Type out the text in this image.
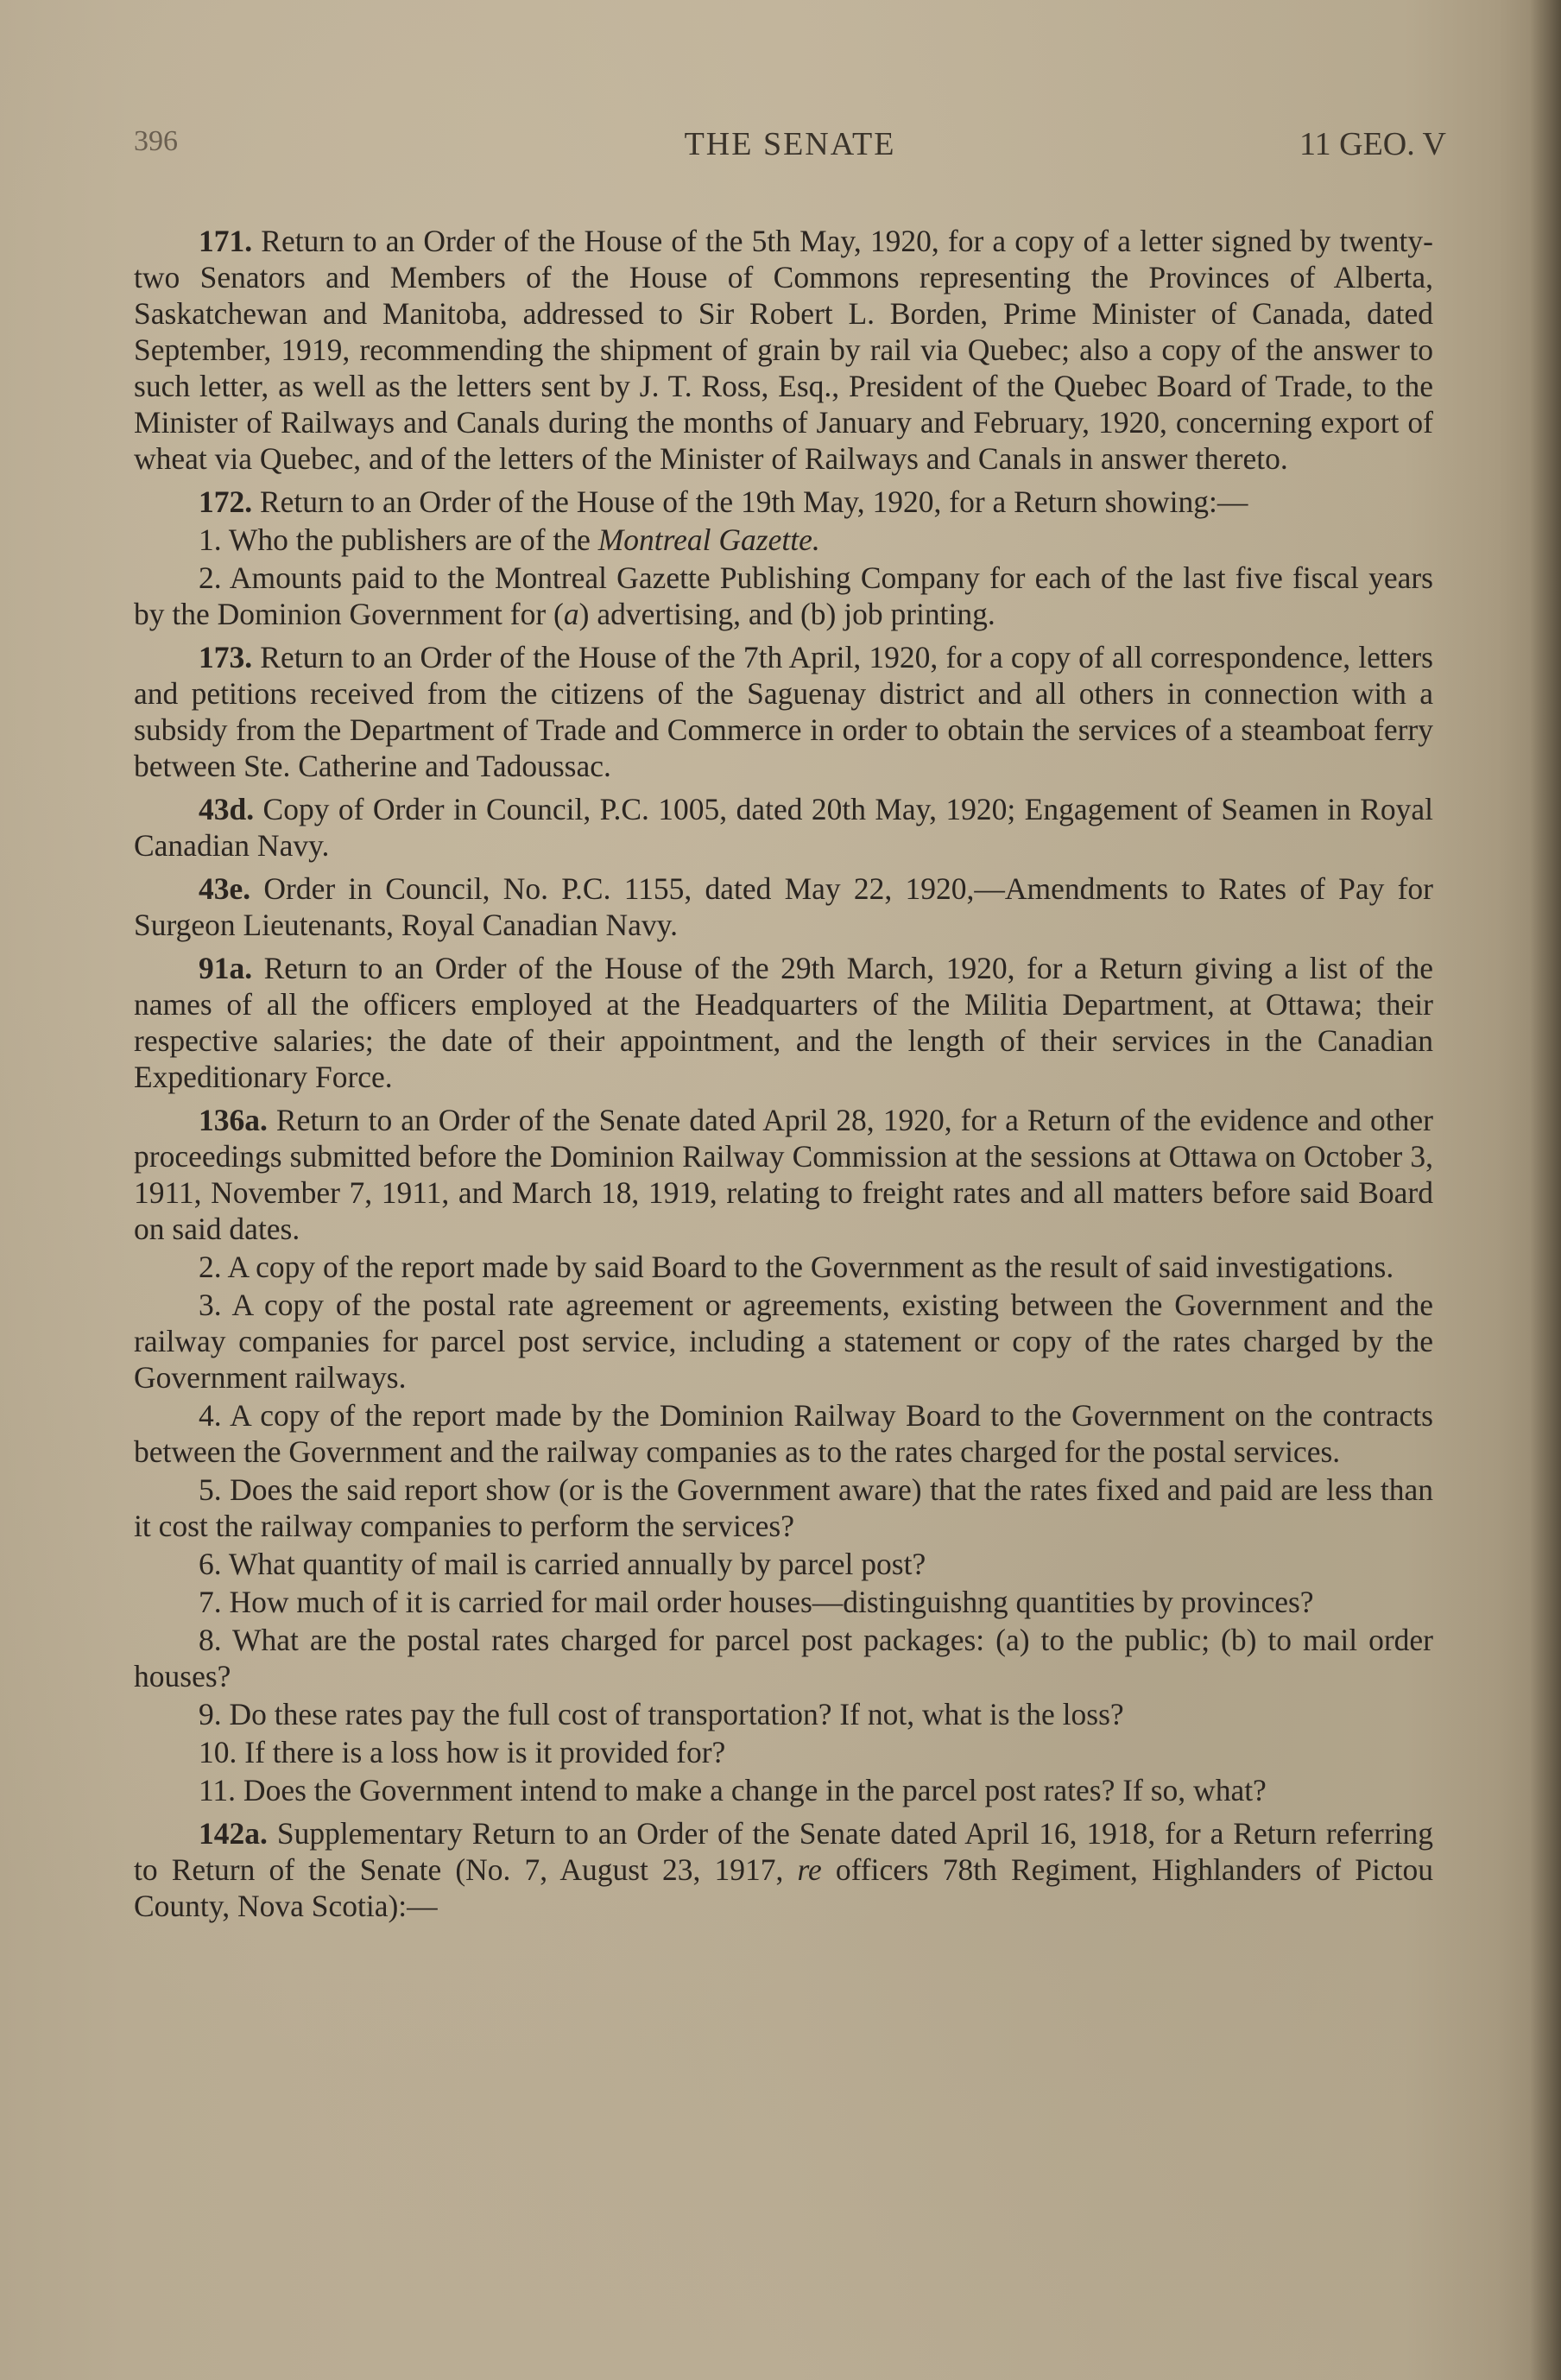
396	THE SENATE	11 GEO. V

171. Return to an Order of the House of the 5th May, 1920, for a copy of a letter signed by twenty-two Senators and Members of the House of Commons representing the Provinces of Alberta, Saskatchewan and Manitoba, addressed to Sir Robert L. Borden, Prime Minister of Canada, dated September, 1919, recommending the shipment of grain by rail via Quebec; also a copy of the answer to such letter, as well as the letters sent by J. T. Ross, Esq., President of the Quebec Board of Trade, to the Minister of Railways and Canals during the months of January and February, 1920, concerning export of wheat via Quebec, and of the letters of the Minister of Railways and Canals in answer thereto.

172. Return to an Order of the House of the 19th May, 1920, for a Return showing:—

1. Who the publishers are of the Montreal Gazette.

2. Amounts paid to the Montreal Gazette Publishing Company for each of the last five fiscal years by the Dominion Government for (a) advertising, and (b) job printing.

173. Return to an Order of the House of the 7th April, 1920, for a copy of all correspondence, letters and petitions received from the citizens of the Saguenay district and all others in connection with a subsidy from the Department of Trade and Commerce in order to obtain the services of a steamboat ferry between Ste. Catherine and Tadoussac.

43d. Copy of Order in Council, P.C. 1005, dated 20th May, 1920; Engagement of Seamen in Royal Canadian Navy.

43e. Order in Council, No. P.C. 1155, dated May 22, 1920,—Amendments to Rates of Pay for Surgeon Lieutenants, Royal Canadian Navy.

91a. Return to an Order of the House of the 29th March, 1920, for a Return giving a list of the names of all the officers employed at the Headquarters of the Militia Department, at Ottawa; their respective salaries; the date of their appointment, and the length of their services in the Canadian Expeditionary Force.

136a. Return to an Order of the Senate dated April 28, 1920, for a Return of the evidence and other proceedings submitted before the Dominion Railway Commission at the sessions at Ottawa on October 3, 1911, November 7, 1911, and March 18, 1919, relating to freight rates and all matters before said Board on said dates.

2. A copy of the report made by said Board to the Government as the result of said investigations.

3. A copy of the postal rate agreement or agreements, existing between the Government and the railway companies for parcel post service, including a statement or copy of the rates charged by the Government railways.

4. A copy of the report made by the Dominion Railway Board to the Government on the contracts between the Government and the railway companies as to the rates charged for the postal services.

5. Does the said report show (or is the Government aware) that the rates fixed and paid are less than it cost the railway companies to perform the services?

6. What quantity of mail is carried annually by parcel post?

7. How much of it is carried for mail order houses—distinguishng quantities by provinces?

8. What are the postal rates charged for parcel post packages: (a) to the public; (b) to mail order houses?

9. Do these rates pay the full cost of transportation? If not, what is the loss?

10. If there is a loss how is it provided for?

11. Does the Government intend to make a change in the parcel post rates? If so, what?

142a. Supplementary Return to an Order of the Senate dated April 16, 1918, for a Return referring to Return of the Senate (No. 7, August 23, 1917, re officers 78th Regiment, Highlanders of Pictou County, Nova Scotia):—
